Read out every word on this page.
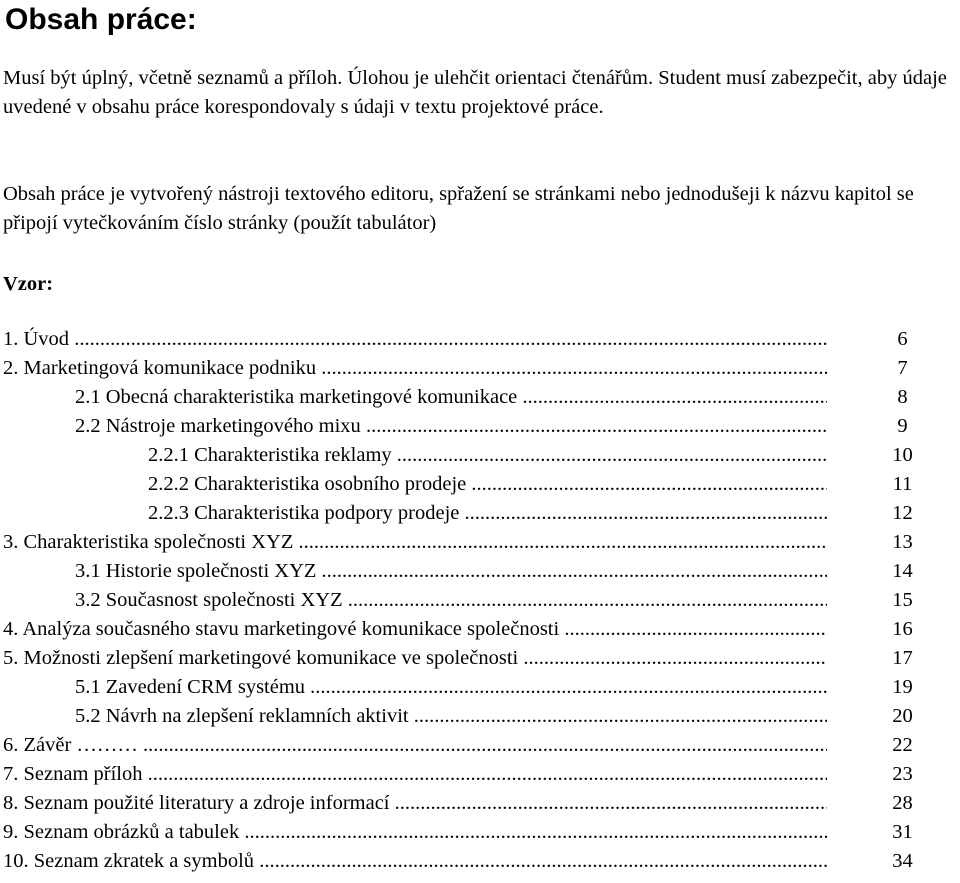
Obsah práce:

Musí být úplný, včetně seznamů a příloh. Úlohou je ulehčit orientaci čtenářům. Student musí zabezpečit, aby údaje uvedené v obsahu práce korespondovaly s údaji v textu projektové práce.

Obsah práce je vytvořený nástroji textového editoru, spřažení se stránkami nebo jednodušeji k názvu kapitol se připojí vytečkováním číslo stránky (použít tabulátor)

Vzor:

1. Úvod .....	6
2. Marketingová komunikace podniku .....	7
2.1 Obecná charakteristika marketingové komunikace .....	8
2.2 Nástroje marketingového mixu .....	9
2.2.1 Charakteristika reklamy .....	10
2.2.2 Charakteristika osobního prodeje .....	11
2.2.3 Charakteristika podpory prodeje .....	12
3. Charakteristika společnosti XYZ .....	13
3.1 Historie společnosti XYZ .....	14
3.2 Současnost společnosti XYZ .....	15
4. Analýza současného stavu marketingové komunikace společnosti .....	16
5. Možnosti zlepšení marketingové komunikace ve společnosti .....	17
5.1 Zavedení CRM systému .....	19
5.2 Návrh na zlepšení reklamních aktivit .....	20
6. Závěr ……… .....	22
7. Seznam příloh .....	23
8. Seznam použité literatury a zdroje informací .....	28
9. Seznam obrázků a tabulek .....	31
10. Seznam zkratek a symbolů .....	34
